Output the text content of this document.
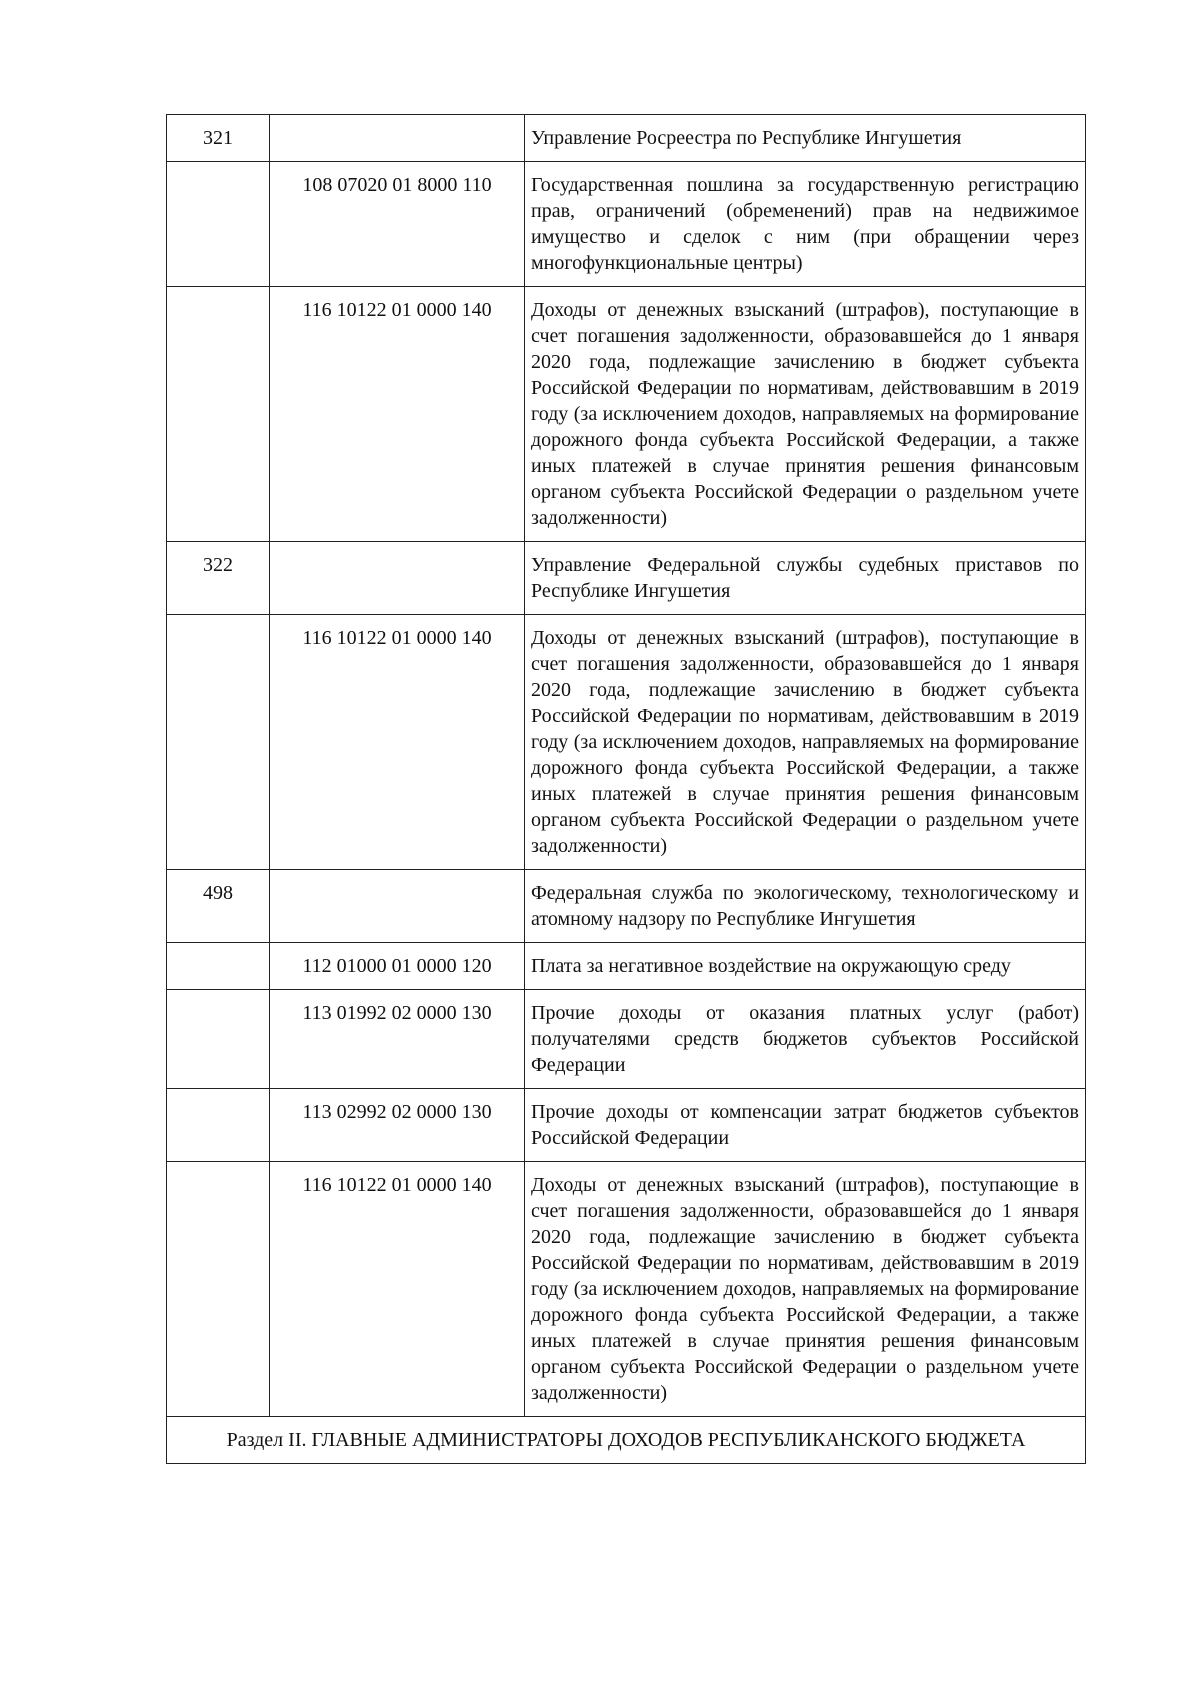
321		Управление Росреестра по Республике Ингушетия
	108 07020 01 8000 110	Государственная пошлина за государственную регистрацию прав, ограничений (обременений) прав на недвижимое имущество и сделок с ним (при обращении через многофункциональные центры)
	116 10122 01 0000 140	Доходы от денежных взысканий (штрафов), поступающие в счет погашения задолженности, образовавшейся до 1 января 2020 года, подлежащие зачислению в бюджет субъекта Российской Федерации по нормативам, действовавшим в 2019 году (за исключением доходов, направляемых на формирование дорожного фонда субъекта Российской Федерации, а также иных платежей в случае принятия решения финансовым органом субъекта Российской Федерации о раздельном учете задолженности)
322		Управление Федеральной службы судебных приставов по Республике Ингушетия
	116 10122 01 0000 140	Доходы от денежных взысканий (штрафов), поступающие в счет погашения задолженности, образовавшейся до 1 января 2020 года, подлежащие зачислению в бюджет субъекта Российской Федерации по нормативам, действовавшим в 2019 году (за исключением доходов, направляемых на формирование дорожного фонда субъекта Российской Федерации, а также иных платежей в случае принятия решения финансовым органом субъекта Российской Федерации о раздельном учете задолженности)
498		Федеральная служба по экологическому, технологическому и атомному надзору по Республике Ингушетия
	112 01000 01 0000 120	Плата за негативное воздействие на окружающую среду
	113 01992 02 0000 130	Прочие доходы от оказания платных услуг (работ) получателями средств бюджетов субъектов Российской Федерации
	113 02992 02 0000 130	Прочие доходы от компенсации затрат бюджетов субъектов Российской Федерации
	116 10122 01 0000 140	Доходы от денежных взысканий (штрафов), поступающие в счет погашения задолженности, образовавшейся до 1 января 2020 года, подлежащие зачислению в бюджет субъекта Российской Федерации по нормативам, действовавшим в 2019 году (за исключением доходов, направляемых на формирование дорожного фонда субъекта Российской Федерации, а также иных платежей в случае принятия решения финансовым органом субъекта Российской Федерации о раздельном учете задолженности)
Раздел II. ГЛАВНЫЕ АДМИНИСТРАТОРЫ ДОХОДОВ РЕСПУБЛИКАНСКОГО БЮДЖЕТА		
